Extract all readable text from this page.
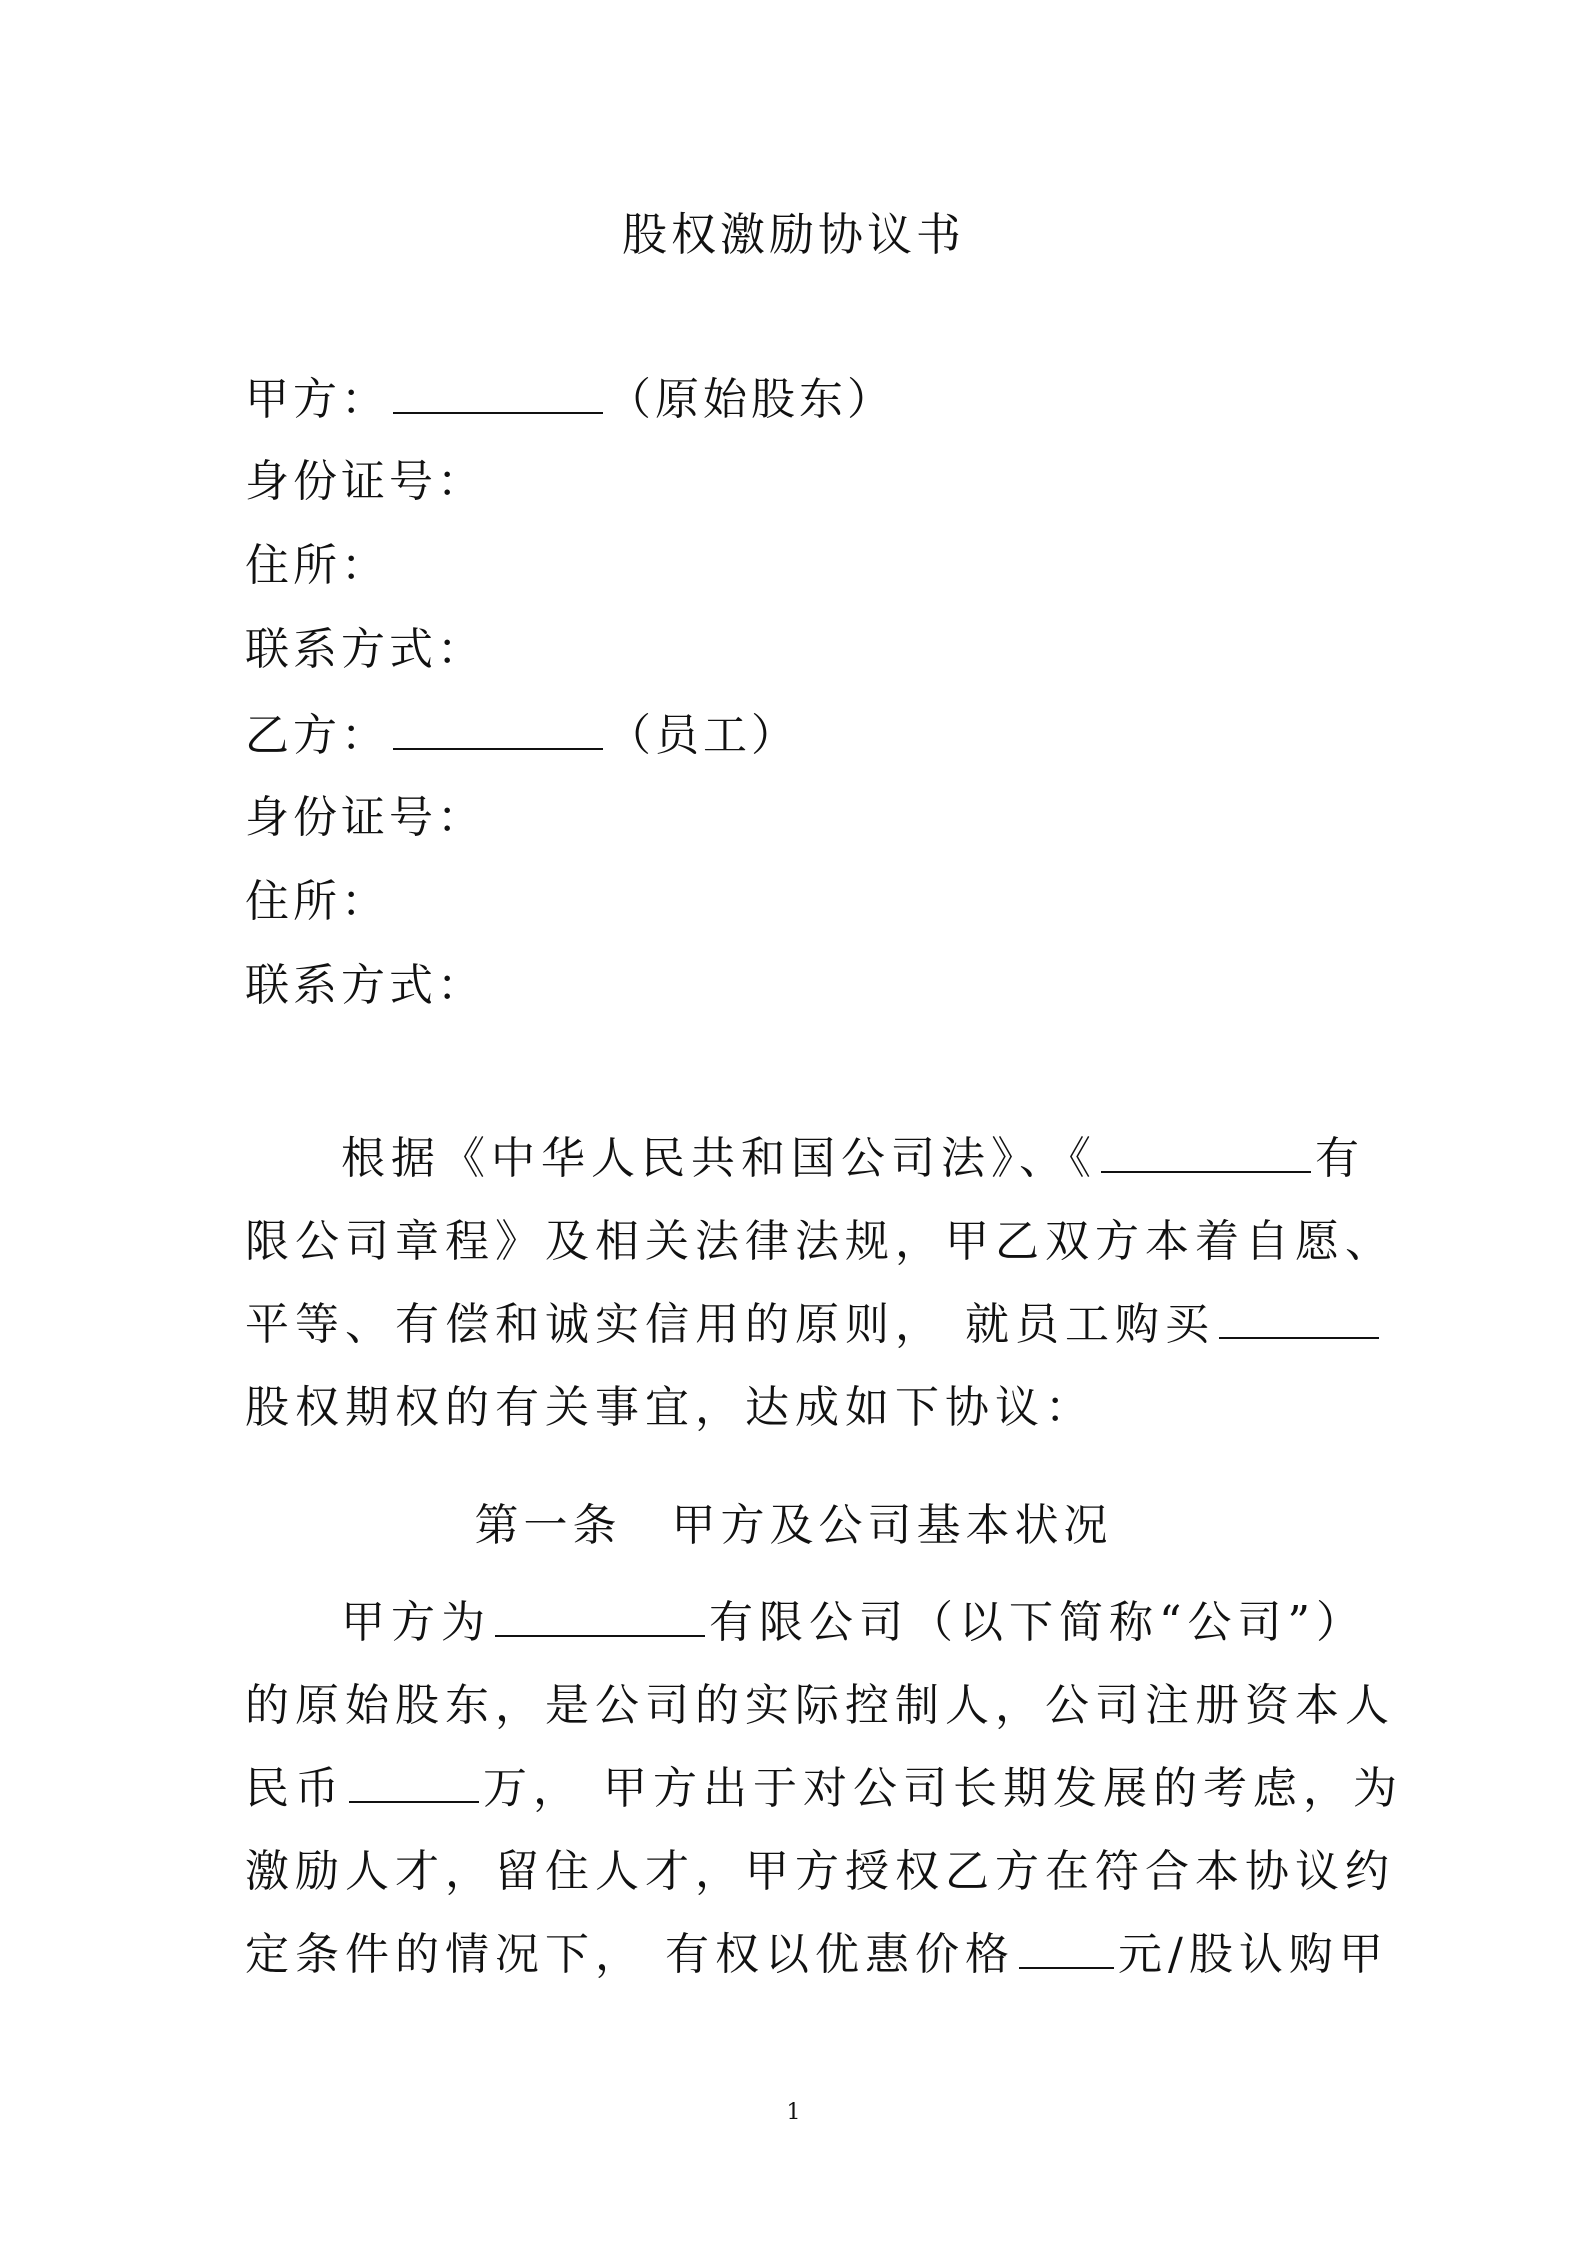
股权激励协议书
甲方：	（原始股东）
身份证号：
住所：
联系方式：
乙方：	（员工）
身份证号：
住所：
联系方式：
根据《中华人民共和国公司法》、《	有
限公司章程》及相关法律法规，甲乙双方本着自愿、
平等、有偿和诚实信用的原则， 就员工购买
股权期权的有关事宜，达成如下协议：
第一条 甲方及公司基本状况
甲方为	有限公司（以下简称“公司”）
的原始股东，是公司的实际控制人，公司注册资本人
民币	万， 甲方出于对公司长期发展的考虑，为
激励人才，留住人才，甲方授权乙方在符合本协议约
定条件的情况下， 有权以优惠价格 元/股认购甲
1
